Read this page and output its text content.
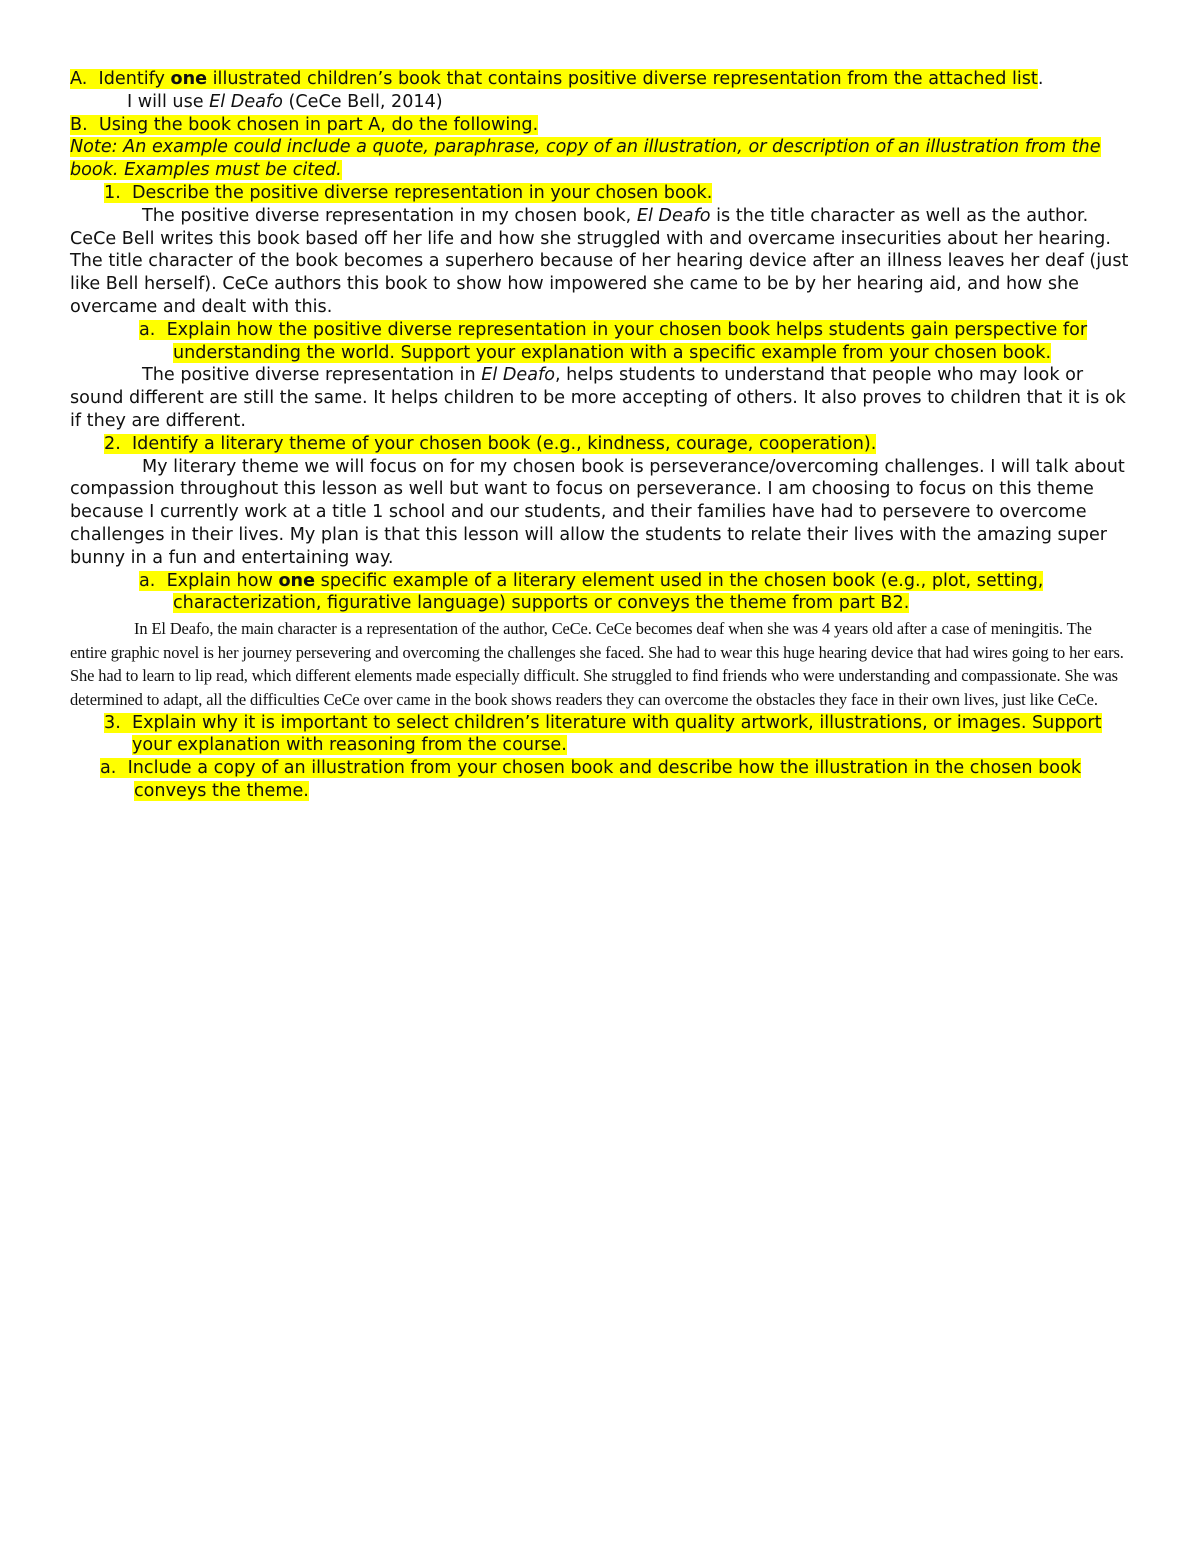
A. Identify one illustrated children’s book that contains positive diverse representation from the attached list.

I will use El Deafo (CeCe Bell, 2014)

B. Using the book chosen in part A, do the following.

Note: An example could include a quote, paraphrase, copy of an illustration, or description of an illustration from the book. Examples must be cited.

1. Describe the positive diverse representation in your chosen book.

The positive diverse representation in my chosen book, El Deafo is the title character as well as the author. CeCe Bell writes this book based off her life and how she struggled with and overcame insecurities about her hearing. The title character of the book becomes a superhero because of her hearing device after an illness leaves her deaf (just like Bell herself). CeCe authors this book to show how impowered she came to be by her hearing aid, and how she overcame and dealt with this.

a. Explain how the positive diverse representation in your chosen book helps students gain perspective for understanding the world. Support your explanation with a specific example from your chosen book.

The positive diverse representation in El Deafo, helps students to understand that people who may look or sound different are still the same. It helps children to be more accepting of others. It also proves to children that it is ok if they are different.

2. Identify a literary theme of your chosen book (e.g., kindness, courage, cooperation).

My literary theme we will focus on for my chosen book is perseverance/overcoming challenges. I will talk about compassion throughout this lesson as well but want to focus on perseverance. I am choosing to focus on this theme because I currently work at a title 1 school and our students, and their families have had to persevere to overcome challenges in their lives. My plan is that this lesson will allow the students to relate their lives with the amazing super bunny in a fun and entertaining way.

a. Explain how one specific example of a literary element used in the chosen book (e.g., plot, setting, characterization, figurative language) supports or conveys the theme from part B2.

In El Deafo, the main character is a representation of the author, CeCe. CeCe becomes deaf when she was 4 years old after a case of meningitis. The entire graphic novel is her journey persevering and overcoming the challenges she faced. She had to wear this huge hearing device that had wires going to her ears. She had to learn to lip read, which different elements made especially difficult. She struggled to find friends who were understanding and compassionate. She was determined to adapt, all the difficulties CeCe over came in the book shows readers they can overcome the obstacles they face in their own lives, just like CeCe.

3. Explain why it is important to select children’s literature with quality artwork, illustrations, or images. Support your explanation with reasoning from the course.

a. Include a copy of an illustration from your chosen book and describe how the illustration in the chosen book conveys the theme.
